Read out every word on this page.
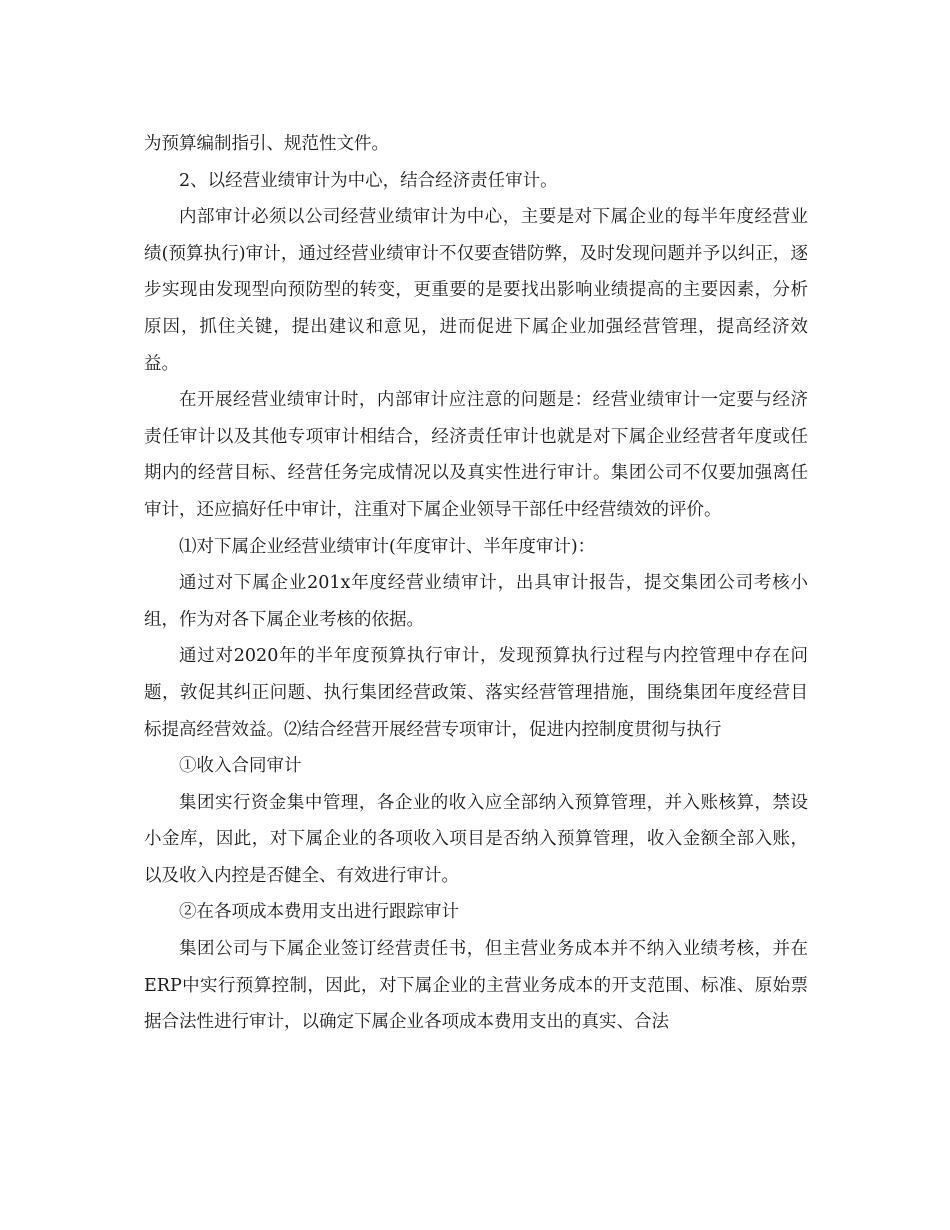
为预算编制指引、规范性文件。

2、以经营业绩审计为中心，结合经济责任审计。

内部审计必须以公司经营业绩审计为中心，主要是对下属企业的每半年度经营业绩(预算执行)审计，通过经营业绩审计不仅要查错防弊，及时发现问题并予以纠正，逐步实现由发现型向预防型的转变，更重要的是要找出影响业绩提高的主要因素，分析原因，抓住关键，提出建议和意见，进而促进下属企业加强经营管理，提高经济效益。

在开展经营业绩审计时，内部审计应注意的问题是：经营业绩审计一定要与经济责任审计以及其他专项审计相结合，经济责任审计也就是对下属企业经营者年度或任期内的经营目标、经营任务完成情况以及真实性进行审计。集团公司不仅要加强离任审计，还应搞好任中审计，注重对下属企业领导干部任中经营绩效的评价。

⑴对下属企业经营业绩审计(年度审计、半年度审计)：

通过对下属企业201x年度经营业绩审计，出具审计报告，提交集团公司考核小组，作为对各下属企业考核的依据。

通过对2020年的半年度预算执行审计，发现预算执行过程与内控管理中存在问题，敦促其纠正问题、执行集团经营政策、落实经营管理措施，围绕集团年度经营目标提高经营效益。⑵结合经营开展经营专项审计，促进内控制度贯彻与执行

①收入合同审计

集团实行资金集中管理，各企业的收入应全部纳入预算管理，并入账核算，禁设小金库，因此，对下属企业的各项收入项目是否纳入预算管理，收入金额全部入账，以及收入内控是否健全、有效进行审计。

②在各项成本费用支出进行跟踪审计

集团公司与下属企业签订经营责任书，但主营业务成本并不纳入业绩考核，并在ERP中实行预算控制，因此，对下属企业的主营业务成本的开支范围、标准、原始票据合法性进行审计，以确定下属企业各项成本费用支出的真实、合法
